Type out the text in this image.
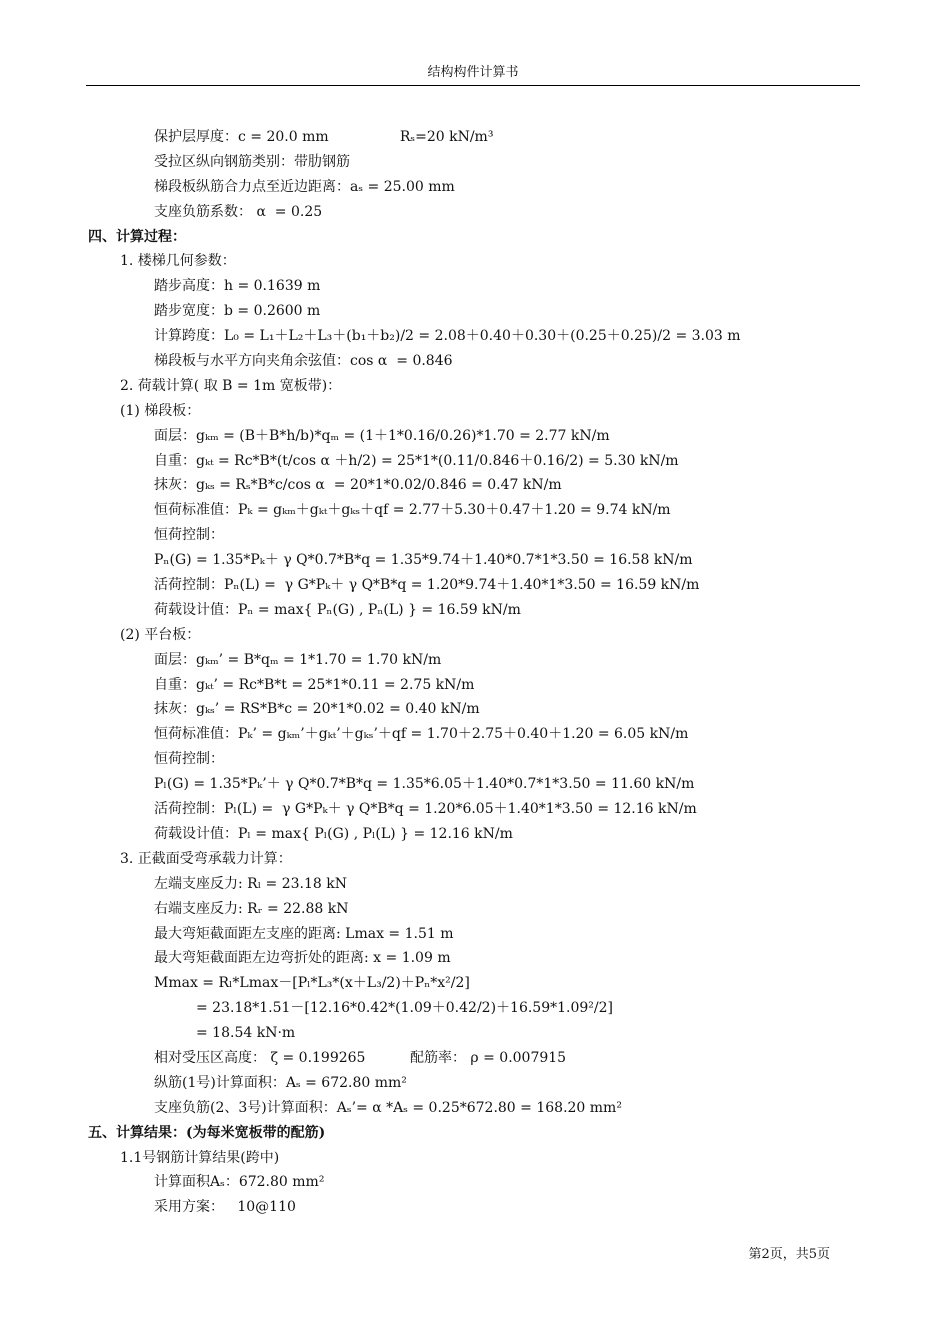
结构构件计算书
保护层厚度：c = 20.0 mm                Rₛ=20 kN/m³
受拉区纵向钢筋类别：带肋钢筋
梯段板纵筋合力点至近边距离：aₛ = 25.00 mm
支座负筋系数： α  = 0.25
四、计算过程：
1. 楼梯几何参数：
踏步高度：h = 0.1639 m
踏步宽度：b = 0.2600 m
计算跨度：L₀ = L₁＋L₂＋L₃＋(b₁＋b₂)/2 = 2.08＋0.40＋0.30＋(0.25＋0.25)/2 = 3.03 m
梯段板与水平方向夹角余弦值：cos α  = 0.846
2. 荷载计算( 取 B = 1m 宽板带)：
(1) 梯段板：
面层：gₖₘ = (B＋B*h/b)*qₘ = (1＋1*0.16/0.26)*1.70 = 2.77 kN/m
自重：gₖₜ = Rc*B*(t/cos α ＋h/2) = 25*1*(0.11/0.846＋0.16/2) = 5.30 kN/m
抹灰：gₖₛ = Rₛ*B*c/cos α  = 20*1*0.02/0.846 = 0.47 kN/m
恒荷标准值：Pₖ = gₖₘ＋gₖₜ＋gₖₛ＋qf = 2.77＋5.30＋0.47＋1.20 = 9.74 kN/m
恒荷控制：
Pₙ(G) = 1.35*Pₖ＋ γ Q*0.7*B*q = 1.35*9.74＋1.40*0.7*1*3.50 = 16.58 kN/m
活荷控制：Pₙ(L) =  γ G*Pₖ＋ γ Q*B*q = 1.20*9.74＋1.40*1*3.50 = 16.59 kN/m
荷载设计值：Pₙ = max{ Pₙ(G) , Pₙ(L) } = 16.59 kN/m
(2) 平台板：
面层：gₖₘ’ = B*qₘ = 1*1.70 = 1.70 kN/m
自重：gₖₜ’ = Rc*B*t = 25*1*0.11 = 2.75 kN/m
抹灰：gₖₛ’ = RS*B*c = 20*1*0.02 = 0.40 kN/m
恒荷标准值：Pₖ’ = gₖₘ’＋gₖₜ’＋gₖₛ’＋qf = 1.70＋2.75＋0.40＋1.20 = 6.05 kN/m
恒荷控制：
Pₗ(G) = 1.35*Pₖ’＋ γ Q*0.7*B*q = 1.35*6.05＋1.40*0.7*1*3.50 = 11.60 kN/m
活荷控制：Pₗ(L) =  γ G*Pₖ＋ γ Q*B*q = 1.20*6.05＋1.40*1*3.50 = 12.16 kN/m
荷载设计值：Pₗ = max{ Pₗ(G) , Pₗ(L) } = 12.16 kN/m
3. 正截面受弯承载力计算：
左端支座反力: Rₗ = 23.18 kN
右端支座反力: Rᵣ = 22.88 kN
最大弯矩截面距左支座的距离: Lmax = 1.51 m
最大弯矩截面距左边弯折处的距离: x = 1.09 m
Mmax = Rₗ*Lmax－[Pₗ*L₃*(x＋L₃/2)＋Pₙ*x²/2]
= 23.18*1.51－[12.16*0.42*(1.09＋0.42/2)＋16.59*1.09²/2]
= 18.54 kN·m
相对受压区高度： ζ = 0.199265          配筋率： ρ = 0.007915
纵筋(1号)计算面积：Aₛ = 672.80 mm²
支座负筋(2、3号)计算面积：Aₛ’= α *Aₛ = 0.25*672.80 = 168.20 mm²
五、计算结果：(为每米宽板带的配筋)
1.1号钢筋计算结果(跨中)
计算面积Aₛ：672.80 mm²
采用方案：   10@110
第2页，共5页
